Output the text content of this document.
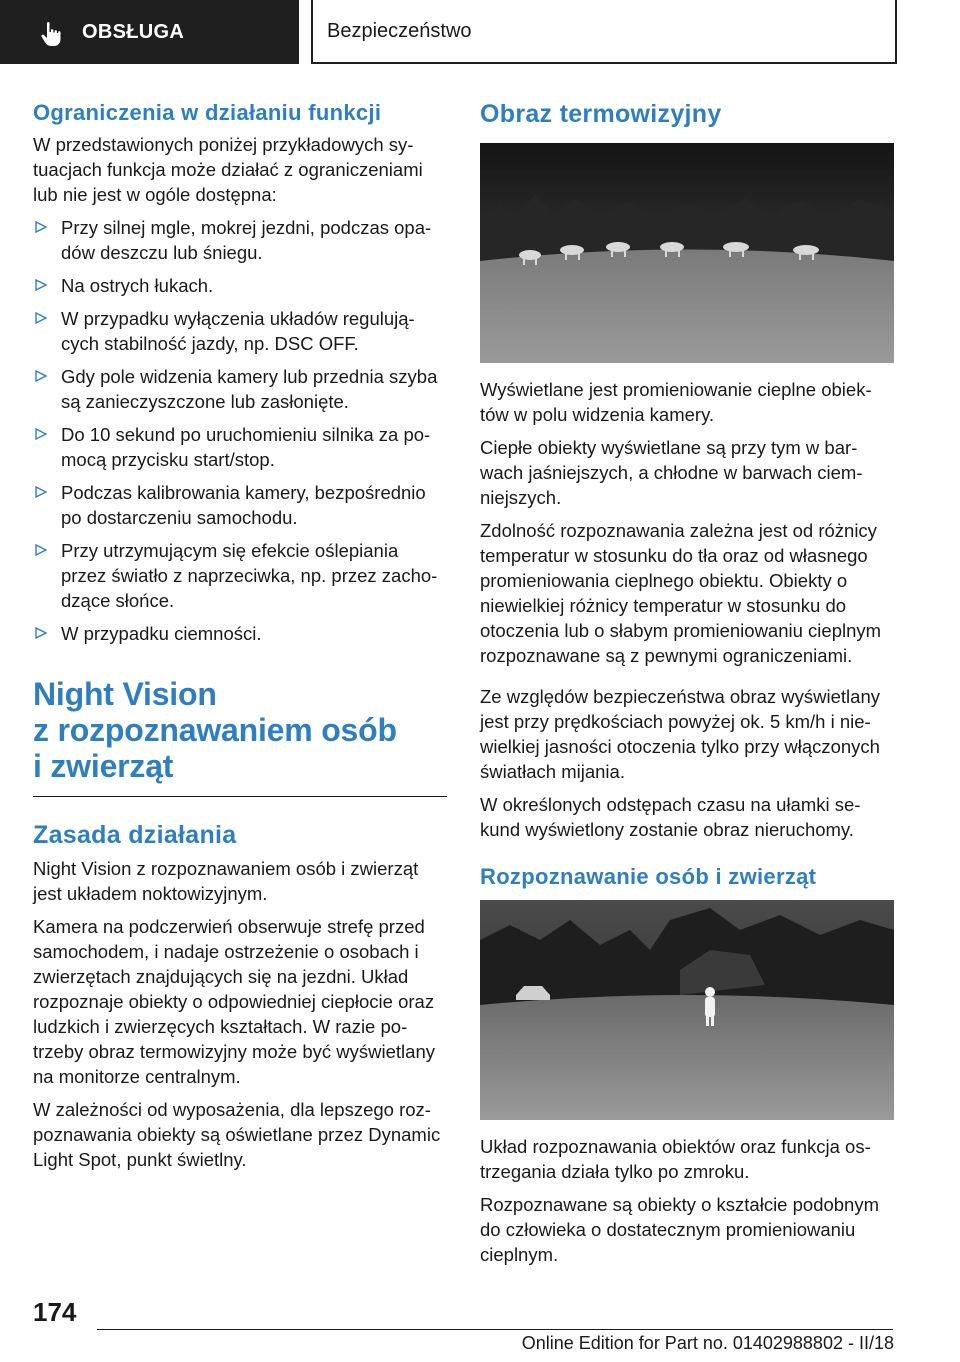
OBSŁUGA	Bezpieczeństwo
Ograniczenia w działaniu funkcji

W przedstawionych poniżej przykładowych sy-tuacjach funkcja może działać z ograniczeniami lub nie jest w ogóle dostępna:

Przy silnej mgle, mokrej jezdni, podczas opa-dów deszczu lub śniegu.
Na ostrych łukach.
W przypadku wyłączenia układów regulują-cych stabilność jazdy, np. DSC OFF.
Gdy pole widzenia kamery lub przednia szyba są zanieczyszczone lub zasłonięte.
Do 10 sekund po uruchomieniu silnika za po-mocą przycisku start/stop.
Podczas kalibrowania kamery, bezpośrednio po dostarczeniu samochodu.
Przy utrzymującym się efekcie oślepiania przez światło z naprzeciwka, np. przez zacho-dzące słońce.
W przypadku ciemności.
Night Vision
z rozpoznawaniem osób
i zwierząt
Zasada działania

Night Vision z rozpoznawaniem osób i zwierząt jest układem noktowizyjnym.

Kamera na podczerwień obserwuje strefę przed samochodem, i nadaje ostrzeżenie o osobach i zwierzętach znajdujących się na jezdni. Układ rozpoznaje obiekty o odpowiedniej ciepłocie oraz ludzkich i zwierzęcych kształtach. W razie po-trzeby obraz termowizyjny może być wyświetlany na monitorze centralnym.

W zależności od wyposażenia, dla lepszego roz-poznawania obiekty są oświetlane przez Dynamic Light Spot, punkt świetlny.

Obraz termowizyjny

Wyświetlane jest promieniowanie cieplne obiek-tów w polu widzenia kamery.

Ciepłe obiekty wyświetlane są przy tym w bar-wach jaśniejszych, a chłodne w barwach ciem-niejszych.

Zdolność rozpoznawania zależna jest od różnicy temperatur w stosunku do tła oraz od własnego promieniowania cieplnego obiektu. Obiekty o niewielkiej różnicy temperatur w stosunku do otoczenia lub o słabym promieniowaniu cieplnym rozpoznawane są z pewnymi ograniczeniami.

Ze względów bezpieczeństwa obraz wyświetlany jest przy prędkościach powyżej ok. 5 km/h i nie-wielkiej jasności otoczenia tylko przy włączonych światłach mijania.

W określonych odstępach czasu na ułamki se-kund wyświetlony zostanie obraz nieruchomy.

Rozpoznawanie osób i zwierząt

Układ rozpoznawania obiektów oraz funkcja os-trzegania działa tylko po zmroku.

Rozpoznawane są obiekty o kształcie podobnym do człowieka o dostatecznym promieniowaniu cieplnym.

174
Online Edition for Part no. 01402988802 - II/18
